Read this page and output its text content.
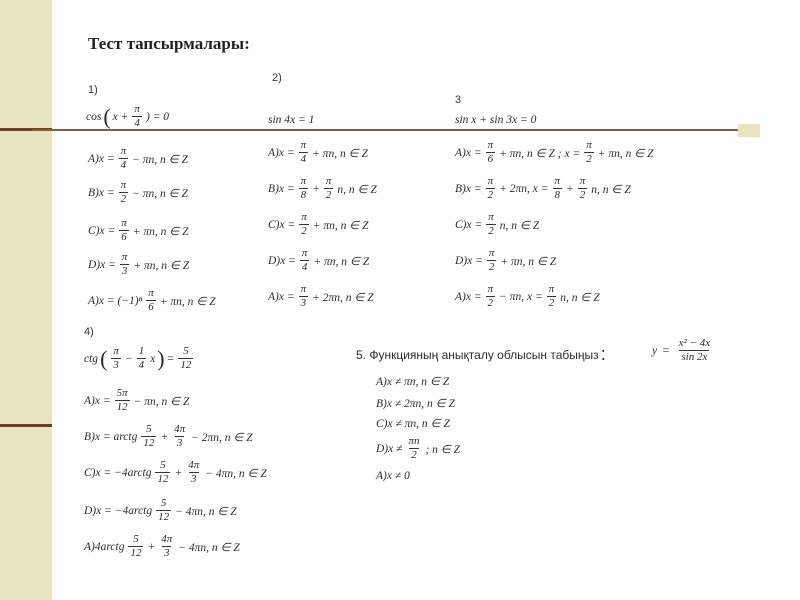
Тест тапсырмалары:
1)
2)
3
4)
cos ( $x + \frac{\pi}{4}$ ) = 0
$A)x = \frac{\pi}{4} - \pi n$, n ∈ Z
$B)x = \frac{\pi}{2} - \pi n$, n ∈ Z
$C)x = \frac{\pi}{6} + \pi n$, n ∈ Z
$D)x = \frac{\pi}{3} + \pi n$, n ∈ Z
$A)x = (-1)^n \frac{\pi}{6} + \pi n$, n ∈ Z
sin 4x = 1
$A)x = \frac{\pi}{4} + \pi n$, n ∈ Z
$B)x = \frac{\pi}{8} + \frac{\pi}{2} n$, n ∈ Z
$C)x = \frac{\pi}{2} + \pi n$, n ∈ Z
$D)x = \frac{\pi}{4} + \pi n$, n ∈ Z
$A)x = \frac{\pi}{3} + 2\pi n$, n ∈ Z
sin x + sin 3x = 0
$A)x = \frac{\pi}{6} + \pi n$, n ∈ Z ; $x = \frac{\pi}{2} + \pi n$, n ∈ Z
$B)x = \frac{\pi}{2} + 2\pi n$, $x = \frac{\pi}{8} + \frac{\pi}{2} n$, n ∈ Z
$C)x = \frac{\pi}{2} n$, n ∈ Z
$D)x = \frac{\pi}{2} + \pi n$, n ∈ Z
$A)x = \frac{\pi}{2} - \pi n$, $x = \frac{\pi}{2} n$, n ∈ Z
ctg ( $\frac{\pi}{3} - \frac{1}{4}$ x ) = $\frac{5}{12}$
$A)x = \frac{5\pi}{12} - \pi n$, n ∈ Z
B)x = arctg $\frac{5}{12} + \frac{4\pi}{3} - 2\pi n$, n ∈ Z
C)x = −4arctg $\frac{5}{12} + \frac{4\pi}{3} - 4\pi n$, n ∈ Z
D)x = −4arctg $\frac{5}{12} - 4\pi n$, n ∈ Z
A)4arctg $\frac{5}{12} + \frac{4\pi}{3} - 4\pi n$, n ∈ Z
5. Функцияның анықталу облысын табыңыз :	$y = \frac{\text{x² − 4x}}{\sin 2x}$
A)x ≠ πn, n ∈ Z
B)x ≠ 2πn, n ∈ Z
C)x ≠ πn, n ∈ Z
$D)x \ne \frac{\pi n}{2}$ ; n ∈ Z
A)x ≠ 0
